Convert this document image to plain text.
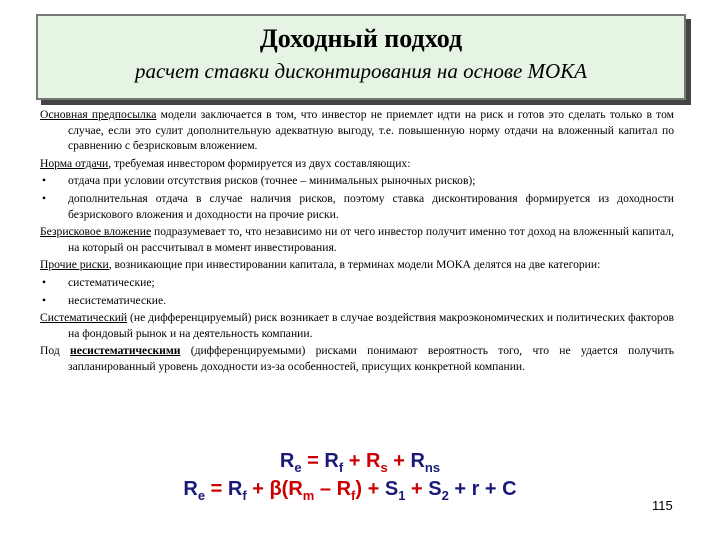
Доходный подход
расчет ставки дисконтирования на основе МОКА

Основная предпосылка модели заключается в том, что инвестор не приемлет идти на риск и готов это сделать только в том случае, если это сулит дополнительную адекватную выгоду, т.е. повышенную норму отдачи на вложенный капитал по сравнению с безрисковым вложением.

Норма отдачи, требуемая инвестором формируется из двух составляющих:

• отдача при условии отсутствия рисков (точнее – минимальных рыночных рисков);

• дополнительная отдача в случае наличия рисков, поэтому ставка дисконтирования формируется из доходности безрискового вложения и доходности на прочие риски.

Безрисковое вложение подразумевает то, что независимо ни от чего инвестор получит именно тот доход на вложенный капитал, на который он рассчитывал в момент инвестирования.

Прочие риски, возникающие при инвестировании капитала, в терминах модели МОКА делятся на две категории:

• систематические;

• несистематические.

Систематический (не дифференцируемый) риск возникает в случае воздействия макроэкономических и политических факторов на фондовый рынок и на деятельность компании.

Под несистематическими (дифференцируемыми) рисками понимают вероятность того, что не удается получить запланированный уровень доходности из-за особенностей, присущих конкретной компании.

$R_e = R_f + R_s + R_{ns}$
$R_e = R_f + \beta(R_m - R_f) + S_1 + S_2 + r + C$
115
